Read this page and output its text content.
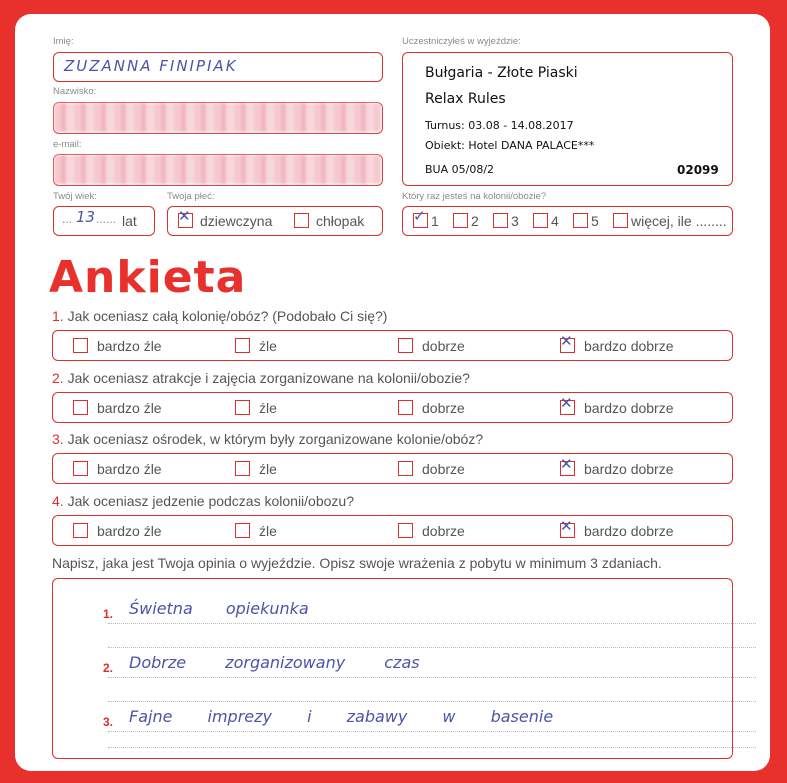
Imię:
ZUZANNA FINIPIAK
Nazwisko:
e-mail:
Twój wiek:
... 13 ...... lat
Twoja płeć:
✕ dziewczyna	chłopak
Uczestniczyłeś w wyjeździe:
Bułgaria - Złote Piaski
Relax Rules
Turnus: 03.08 - 14.08.2017
Obiekt: Hotel DANA PALACE***
BUA 05/08/2	02099
Który raz jesteś na kolonii/obozie?
✓ 1 2 3 4 5 więcej, ile ........
Ankieta
1. Jak oceniasz całą kolonię/obóz? (Podobało Ci się?)
bardzo źle	źle	dobrze	✕ bardzo dobrze
2. Jak oceniasz atrakcje i zajęcia zorganizowane na kolonii/obozie?
bardzo źle	źle	dobrze	✕ bardzo dobrze
3. Jak oceniasz ośrodek, w którym były zorganizowane kolonie/obóz?
bardzo źle	źle	dobrze	✕ bardzo dobrze
4. Jak oceniasz jedzenie podczas kolonii/obozu?
bardzo źle	źle	dobrze	✕ bardzo dobrze
Napisz, jaka jest Twoja opinia o wyjeździe. Opisz swoje wrażenia z pobytu w minimum 3 zdaniach.
1. Świetna opiekunka
2. Dobrze zorganizowany czas
3. Fajne imprezy i zabawy w basenie
